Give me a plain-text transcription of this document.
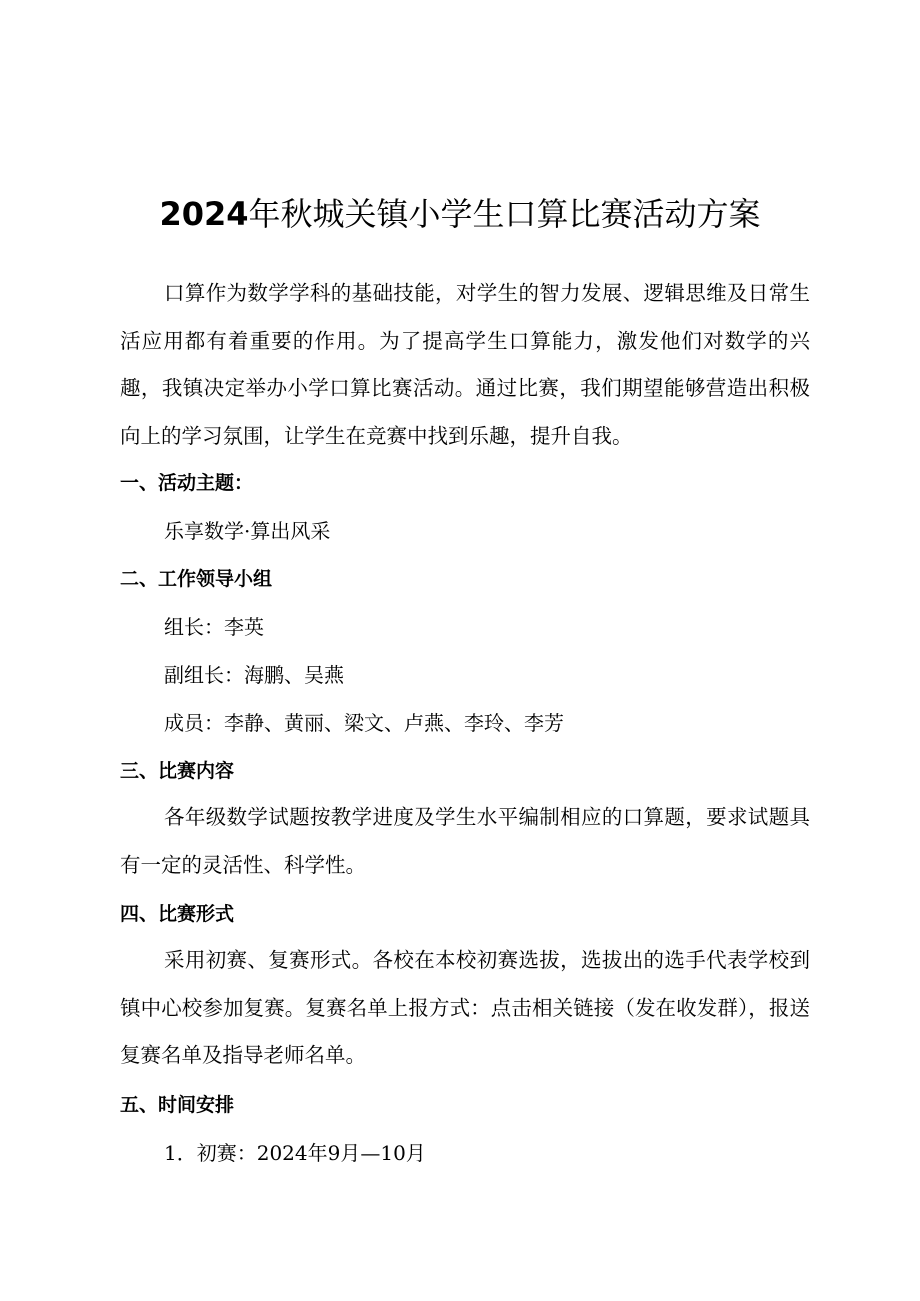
2024年秋城关镇小学生口算比赛活动方案

口算作为数学学科的基础技能，对学生的智力发展、逻辑思维及日常生活应用都有着重要的作用。为了提高学生口算能力，激发他们对数学的兴趣，我镇决定举办小学口算比赛活动。通过比赛，我们期望能够营造出积极向上的学习氛围，让学生在竞赛中找到乐趣，提升自我。

一、活动主题：

乐享数学·算出风采

二、工作领导小组

组长：李英

副组长：海鹏、吴燕

成员：李静、黄丽、梁文、卢燕、李玲、李芳

三、比赛内容

各年级数学试题按教学进度及学生水平编制相应的口算题，要求试题具有一定的灵活性、科学性。

四、比赛形式

采用初赛、复赛形式。各校在本校初赛选拔，选拔出的选手代表学校到镇中心校参加复赛。复赛名单上报方式：点击相关链接（发在收发群），报送复赛名单及指导老师名单。

五、时间安排

1．初赛：2024年9月—10月
